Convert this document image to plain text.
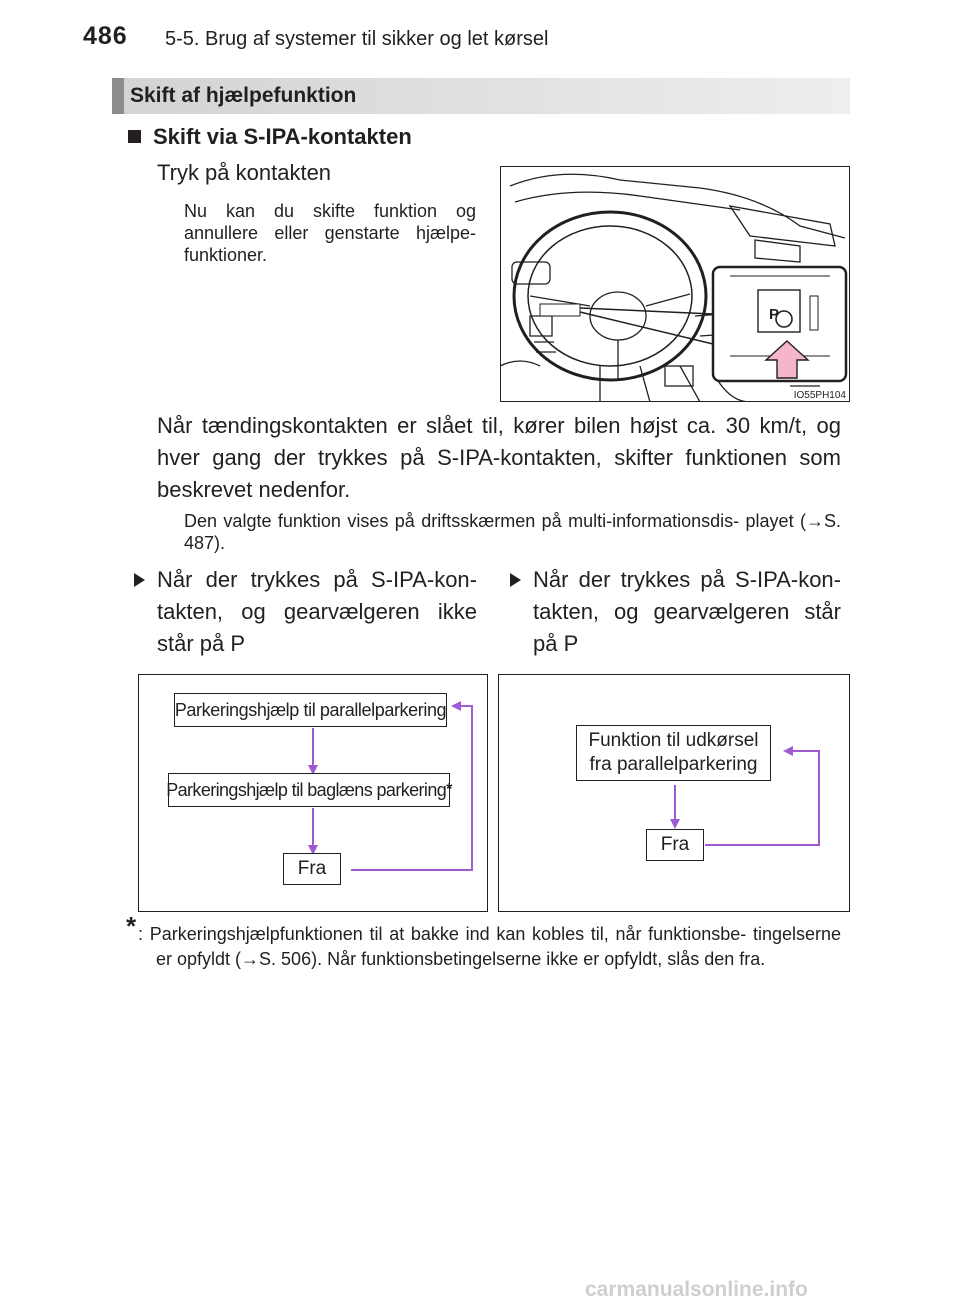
486 5-5. Brug af systemer til sikker og let kørsel
Skift af hjælpefunktion
Skift via S-IPA-kontakten
Tryk på kontakten
Nu kan du skifte funktion og annullere eller genstarte hjælpe- funktioner.
P
IO55PH104
Når tændingskontakten er slået til, kører bilen højst ca. 30 km/t, og hver gang der trykkes på S-IPA-kontakten, skifter funktionen som beskrevet nedenfor.
Den valgte funktion vises på driftsskærmen på multi-informationsdis- playet (→S. 487).
Når der trykkes på S-IPA-kon- takten, og gearvælgeren ikke står på P
Når der trykkes på S-IPA-kon- takten, og gearvælgeren står på P
Parkeringshjælp til parallelparkering
Parkeringshjælp til baglæns parkering *
Fra
Funktion til udkørsel
fra parallelparkering
Fra
* : Parkeringshjælpfunktionen til at bakke ind kan kobles til, når funktionsbe- tingelserne er opfyldt (→S. 506). Når funktionsbetingelserne ikke er opfyldt, slås den fra.
carmanualsonline.info
